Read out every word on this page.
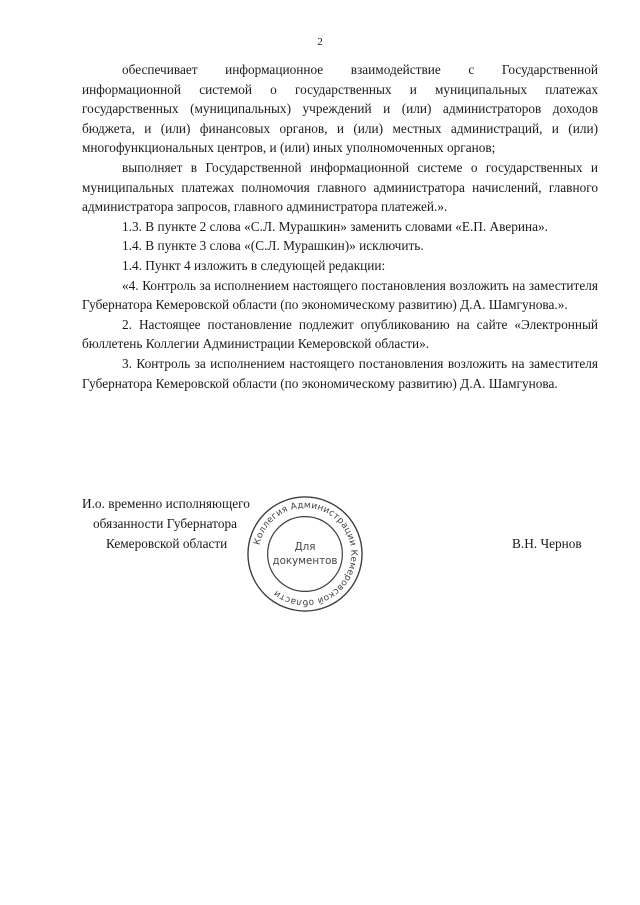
2

обеспечивает информационное взаимодействие с Государственной информационной системой о государственных и муниципальных платежах государственных (муниципальных) учреждений и (или) администраторов доходов бюджета, и (или) финансовых органов, и (или) местных администраций, и (или) многофункциональных центров, и (или) иных уполномоченных органов;

выполняет в Государственной информационной системе о государственных и муниципальных платежах полномочия главного администратора начислений, главного администратора запросов, главного администратора платежей.».

1.3. В пункте 2 слова «С.Л. Мурашкин» заменить словами «Е.П. Аверина».

1.4. В пункте 3 слова «(С.Л. Мурашкин)» исключить.

1.4. Пункт 4 изложить в следующей редакции:

«4. Контроль за исполнением настоящего постановления возложить на заместителя Губернатора Кемеровской области (по экономическому развитию) Д.А. Шамгунова.».

2. Настоящее постановление подлежит опубликованию на сайте «Электронный бюллетень Коллегии Администрации Кемеровской области».

3. Контроль за исполнением настоящего постановления возложить на заместителя Губернатора Кемеровской области (по экономическому развитию) Д.А. Шамгунова.

И.о. временно исполняющего
обязанности Губернатора
Кемеровской области	В.Н. Чернов
Коллегия Администрации Кемеровской области
Для
документов
